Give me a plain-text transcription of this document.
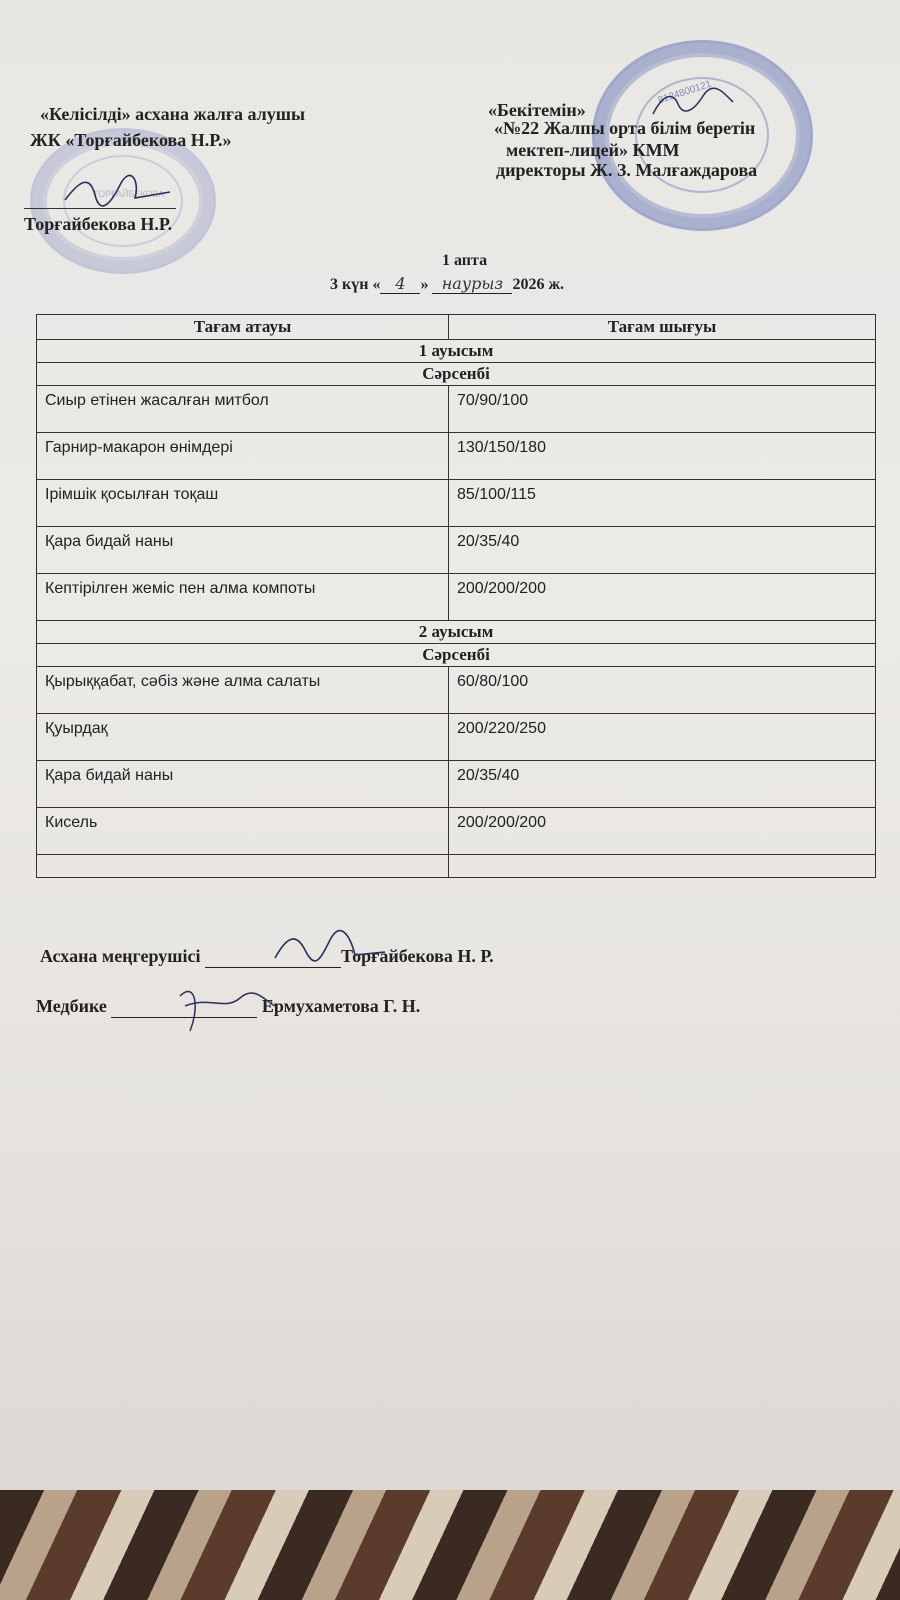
ТОРҒАЙБЕКОВА
8124800121
«Келісілді» асхана жалға алушы
ЖК «Торғайбекова Н.Р.»
Торғайбекова Н.Р.
«Бекітемін»
«№22 Жалпы орта білім беретін
мектеп-лицей» КММ
директоры Ж. З. Малғаждарова
1 апта
3 күн « 4 » наурыз 2026 ж.
Тағам атауы	Тағам шығуы
1 ауысым	
Сәрсенбі	
Сиыр етінен жасалған митбол	70/90/100
Гарнир-макарон өнімдері	130/150/180
Ірімшік қосылған тоқаш	85/100/115
Қара бидай наны	20/35/40
Кептірілген жеміс пен алма компоты	200/200/200
2 ауысым	
Сәрсенбі	
Қырыққабат, сәбіз және алма салаты	60/80/100
Қуырдақ	200/220/250
Қара бидай наны	20/35/40
Кисель	200/200/200

Асхана меңгерушісі	Торғайбекова Н. Р.
Медбике	Ермухаметова Г. Н.
